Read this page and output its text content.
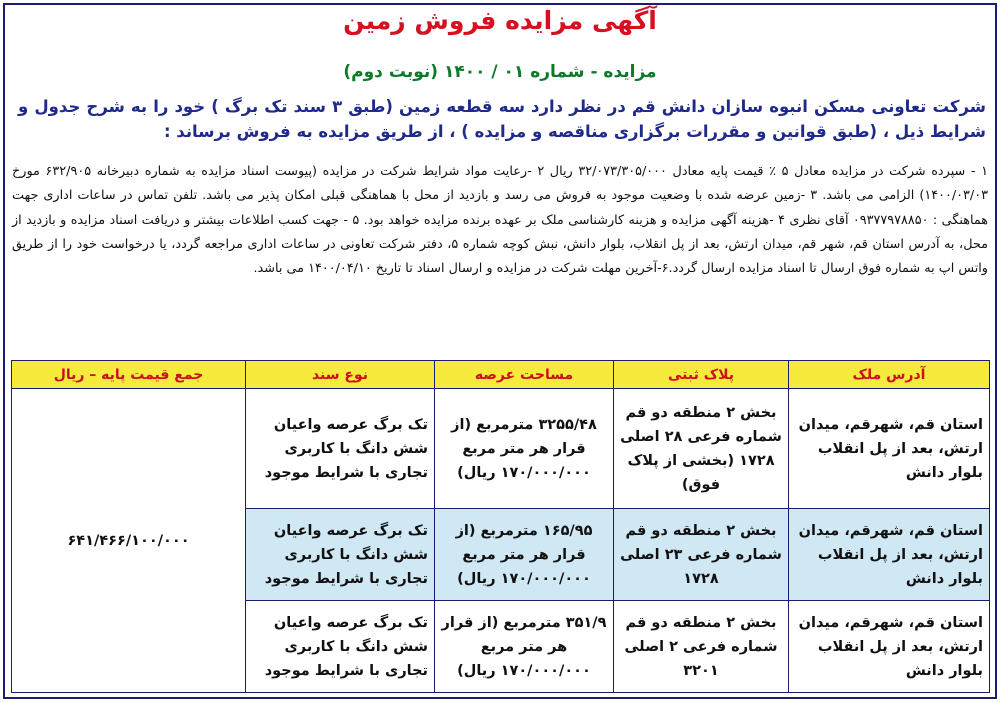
آگهی مزایده فروش زمین
مزایده - شماره ۰۱ / ۱۴۰۰ (نوبت دوم)
شرکت تعاونی مسکن انبوه سازان دانش قم در نظر دارد سه قطعه زمین (طبق ۳ سند تک برگ ) خود را به شرح جدول و شرایط ذیل ، (طبق قوانین و مقررات برگزاری مناقصه و مزایده ) ، از طریق مزایده به فروش برساند :
۱ - سپرده شرکت در مزایده معادل ۵ ٪ قیمت پایه معادل ۳۲/۰۷۳/۳۰۵/۰۰۰ ریال ۲ -رعایت مواد شرایط شرکت در مزایده (پیوست اسناد مزایده به شماره دبیرخانه ۶۳۲/۹۰۵ مورخ ۱۴۰۰/۰۳/۰۳) الزامی می باشد. ۳ -زمین عرضه شده با وضعیت موجود به فروش می رسد و بازدید از محل با هماهنگی قبلی امکان پذیر می باشد. تلفن تماس در ساعات اداری جهت هماهنگی : ۰۹۳۷۷۹۷۸۸۵۰ آقای نظری ۴ -هزینه آگهی مزایده و هزینه کارشناسی ملک بر عهده برنده مزایده خواهد بود. ۵ - جهت کسب اطلاعات بیشتر و دریافت اسناد مزایده و بازدید از محل، به آدرس استان قم، شهر قم، میدان ارتش، بعد از پل انقلاب، بلوار دانش، نبش کوچه شماره ۵، دفتر شرکت تعاونی در ساعات اداری مراجعه گردد، یا درخواست خود را از طریق واتس اپ به شماره فوق ارسال تا اسناد مزایده ارسال گردد.۶-آخرین مهلت شرکت در مزایده و ارسال اسناد تا تاریخ ۱۴۰۰/۰۴/۱۰ می باشد.
آدرس ملک	پلاک ثبتی	مساحت عرصه	نوع سند	جمع قیمت پایه – ریال
استان قم، شهرقم، میدان ارتش، بعد از پل انقلاب بلوار دانش	بخش ۲ منطقه دو قم شماره فرعی ۲۸ اصلی ۱۷۲۸ (بخشی از پلاک فوق)	۳۲۵۵/۴۸ مترمربع (از قرار هر متر مربع ۱۷۰/۰۰۰/۰۰۰ ریال)	تک برگ عرصه واعیان شش دانگ با کاربری تجاری با شرایط موجود	۶۴۱/۴۶۶/۱۰۰/۰۰۰
استان قم، شهرقم، میدان ارتش، بعد از پل انقلاب بلوار دانش	بخش ۲ منطقه دو قم شماره فرعی ۲۳ اصلی ۱۷۲۸	۱۶۵/۹۵ مترمربع (از قرار هر متر مربع ۱۷۰/۰۰۰/۰۰۰ ریال)	تک برگ عرصه واعیان شش دانگ با کاربری تجاری با شرایط موجود	
استان قم، شهرقم، میدان ارتش، بعد از پل انقلاب بلوار دانش	بخش ۲ منطقه دو قم شماره فرعی ۲ اصلی ۳۲۰۱	۳۵۱/۹ مترمربع (از قرار هر متر مربع ۱۷۰/۰۰۰/۰۰۰ ریال)	تک برگ عرصه واعیان شش دانگ با کاربری تجاری با شرایط موجود	
